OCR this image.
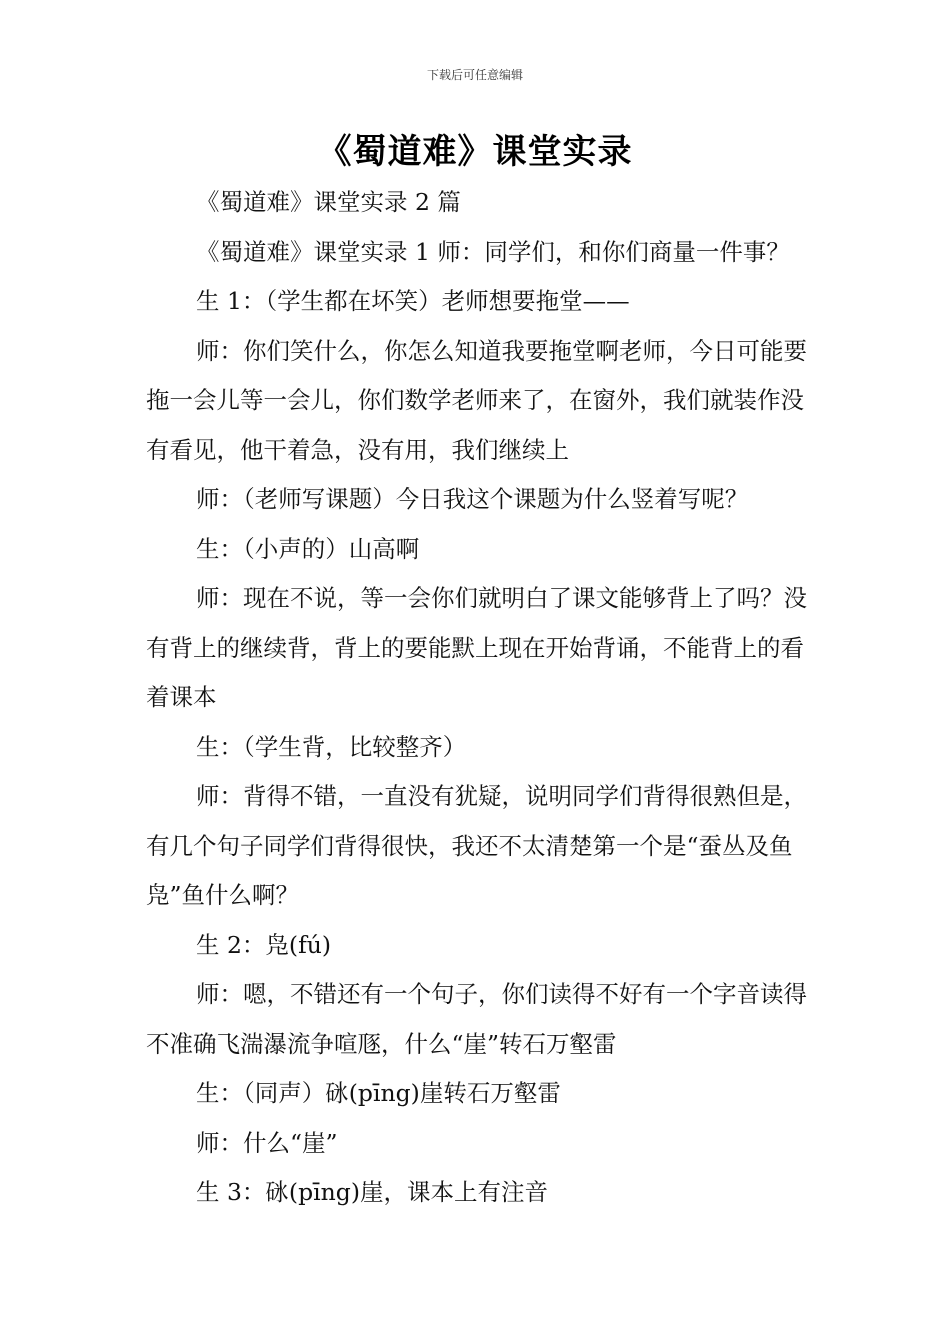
下载后可任意编辑
《蜀道难》课堂实录

《蜀道难》课堂实录 2 篇

《蜀道难》课堂实录 1 师：同学们，和你们商量一件事？

生 1：（学生都在坏笑）老师想要拖堂——

师：你们笑什么，你怎么知道我要拖堂啊老师，今日可能要拖一会儿等一会儿，你们数学老师来了，在窗外，我们就装作没有看见，他干着急，没有用，我们继续上

师：（老师写课题）今日我这个课题为什么竖着写呢？

生：（小声的）山高啊

师：现在不说，等一会你们就明白了课文能够背上了吗？没有背上的继续背，背上的要能默上现在开始背诵，不能背上的看着课本

生：（学生背，比较整齐）

师：背得不错，一直没有犹疑，说明同学们背得很熟但是，有几个句子同学们背得很快，我还不太清楚第一个是“蚕丛及鱼凫”鱼什么啊？

生 2：凫(fú)

师：嗯，不错还有一个句子，你们读得不好有一个字音读得不准确飞湍瀑流争喧豗，什么“崖”转石万壑雷

生：（同声）砯(pīng)崖转石万壑雷

师：什么“崖”

生 3：砯(pīng)崖，课本上有注音
